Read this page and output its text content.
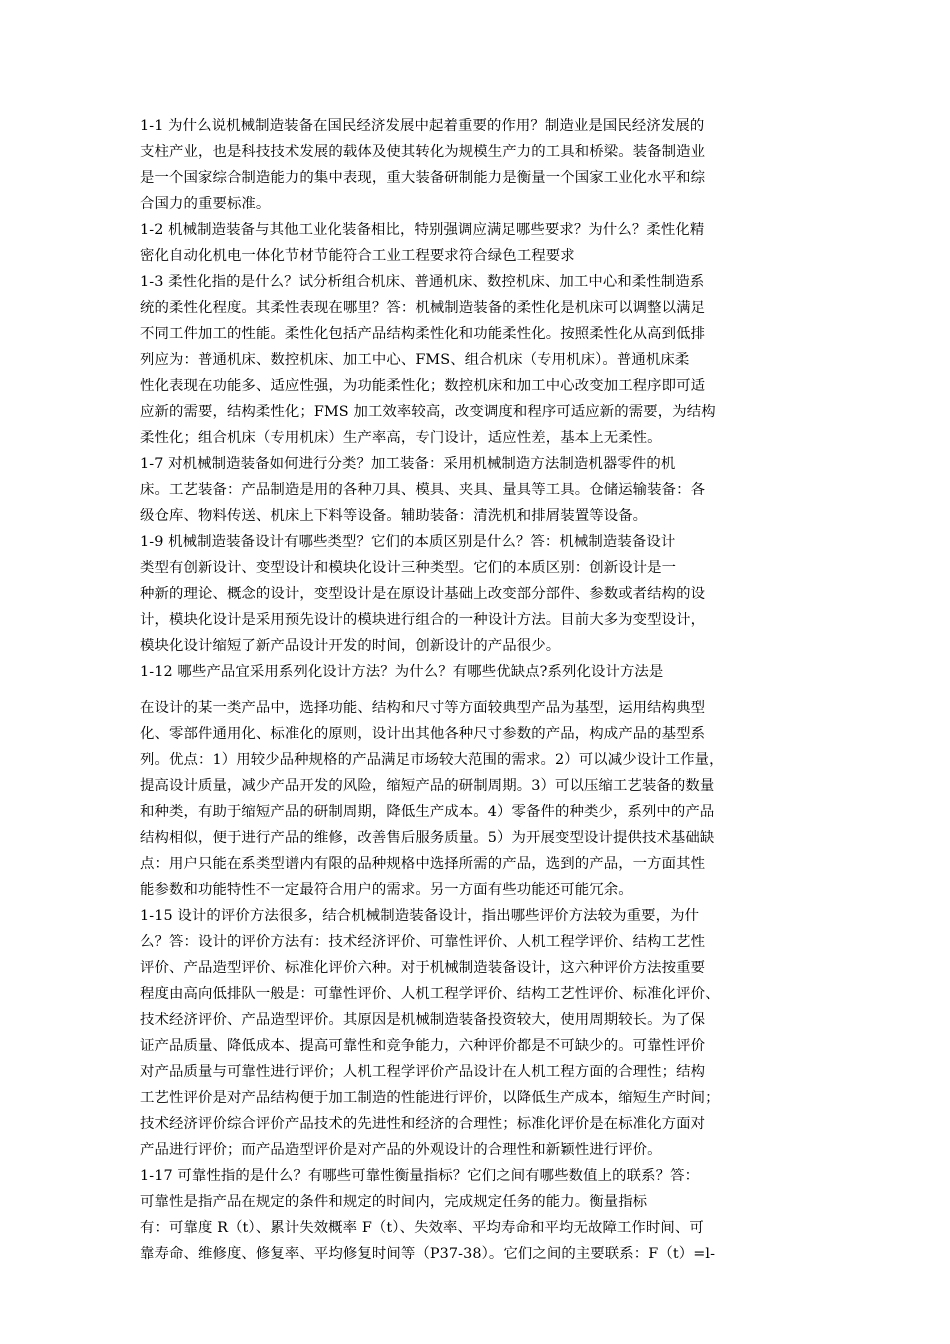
1-1 为什么说机械制造装备在国民经济发展中起着重要的作用？制造业是国民经济发展的
支柱产业，也是科技技术发展的载体及使其转化为规模生产力的工具和桥梁。装备制造业
是一个国家综合制造能力的集中表现，重大装备研制能力是衡量一个国家工业化水平和综
合国力的重要标准。
1-2 机械制造装备与其他工业化装备相比，特别强调应满足哪些要求？为什么？柔性化精
密化自动化机电一体化节材节能符合工业工程要求符合绿色工程要求
1-3 柔性化指的是什么？试分析组合机床、普通机床、数控机床、加工中心和柔性制造系
统的柔性化程度。其柔性表现在哪里？答：机械制造装备的柔性化是机床可以调整以满足
不同工件加工的性能。柔性化包括产品结构柔性化和功能柔性化。按照柔性化从高到低排
列应为：普通机床、数控机床、加工中心、FMS、组合机床（专用机床）。普通机床柔
性化表现在功能多、适应性强，为功能柔性化；数控机床和加工中心改变加工程序即可适
应新的需要，结构柔性化；FMS 加工效率较高，改变调度和程序可适应新的需要，为结构
柔性化；组合机床（专用机床）生产率高，专门设计，适应性差，基本上无柔性。
1-7 对机械制造装备如何进行分类？加工装备：采用机械制造方法制造机器零件的机
床。工艺装备：产品制造是用的各种刀具、模具、夹具、量具等工具。仓储运输装备：各
级仓库、物料传送、机床上下料等设备。辅助装备：清洗机和排屑装置等设备。
1-9 机械制造装备设计有哪些类型？它们的本质区别是什么？答：机械制造装备设计
类型有创新设计、变型设计和模块化设计三种类型。它们的本质区别：创新设计是一
种新的理论、概念的设计，变型设计是在原设计基础上改变部分部件、参数或者结构的设
计，模块化设计是采用预先设计的模块进行组合的一种设计方法。目前大多为变型设计，
模块化设计缩短了新产品设计开发的时间，创新设计的产品很少。
1-12 哪些产品宜采用系列化设计方法？为什么？有哪些优缺点?系列化设计方法是
在设计的某一类产品中，选择功能、结构和尺寸等方面较典型产品为基型，运用结构典型
化、零部件通用化、标准化的原则，设计出其他各种尺寸参数的产品，构成产品的基型系
列。优点：1）用较少品种规格的产品满足市场较大范围的需求。2）可以减少设计工作量，
提高设计质量，减少产品开发的风险，缩短产品的研制周期。3）可以压缩工艺装备的数量
和种类，有助于缩短产品的研制周期，降低生产成本。4）零备件的种类少，系列中的产品
结构相似，便于进行产品的维修，改善售后服务质量。5）为开展变型设计提供技术基础缺
点：用户只能在系类型谱内有限的品种规格中选择所需的产品，选到的产品，一方面其性
能参数和功能特性不一定最符合用户的需求。另一方面有些功能还可能冗余。
1-15 设计的评价方法很多，结合机械制造装备设计，指出哪些评价方法较为重要，为什
么？答：设计的评价方法有：技术经济评价、可靠性评价、人机工程学评价、结构工艺性
评价、产品造型评价、标准化评价六种。对于机械制造装备设计，这六种评价方法按重要
程度由高向低排队一般是：可靠性评价、人机工程学评价、结构工艺性评价、标准化评价、
技术经济评价、产品造型评价。其原因是机械制造装备投资较大，使用周期较长。为了保
证产品质量、降低成本、提高可靠性和竞争能力，六种评价都是不可缺少的。可靠性评价
对产品质量与可靠性进行评价；人机工程学评价产品设计在人机工程方面的合理性；结构
工艺性评价是对产品结构便于加工制造的性能进行评价，以降低生产成本，缩短生产时间；
技术经济评价综合评价产品技术的先进性和经济的合理性；标准化评价是在标准化方面对
产品进行评价；而产品造型评价是对产品的外观设计的合理性和新颖性进行评价。
1-17 可靠性指的是什么？有哪些可靠性衡量指标？它们之间有哪些数值上的联系？答：
可靠性是指产品在规定的条件和规定的时间内，完成规定任务的能力。衡量指标
有：可靠度 R（t）、累计失效概率 F（t）、失效率、平均寿命和平均无故障工作时间、可
靠寿命、维修度、修复率、平均修复时间等（P37-38）。它们之间的主要联系：F（t）=l-
